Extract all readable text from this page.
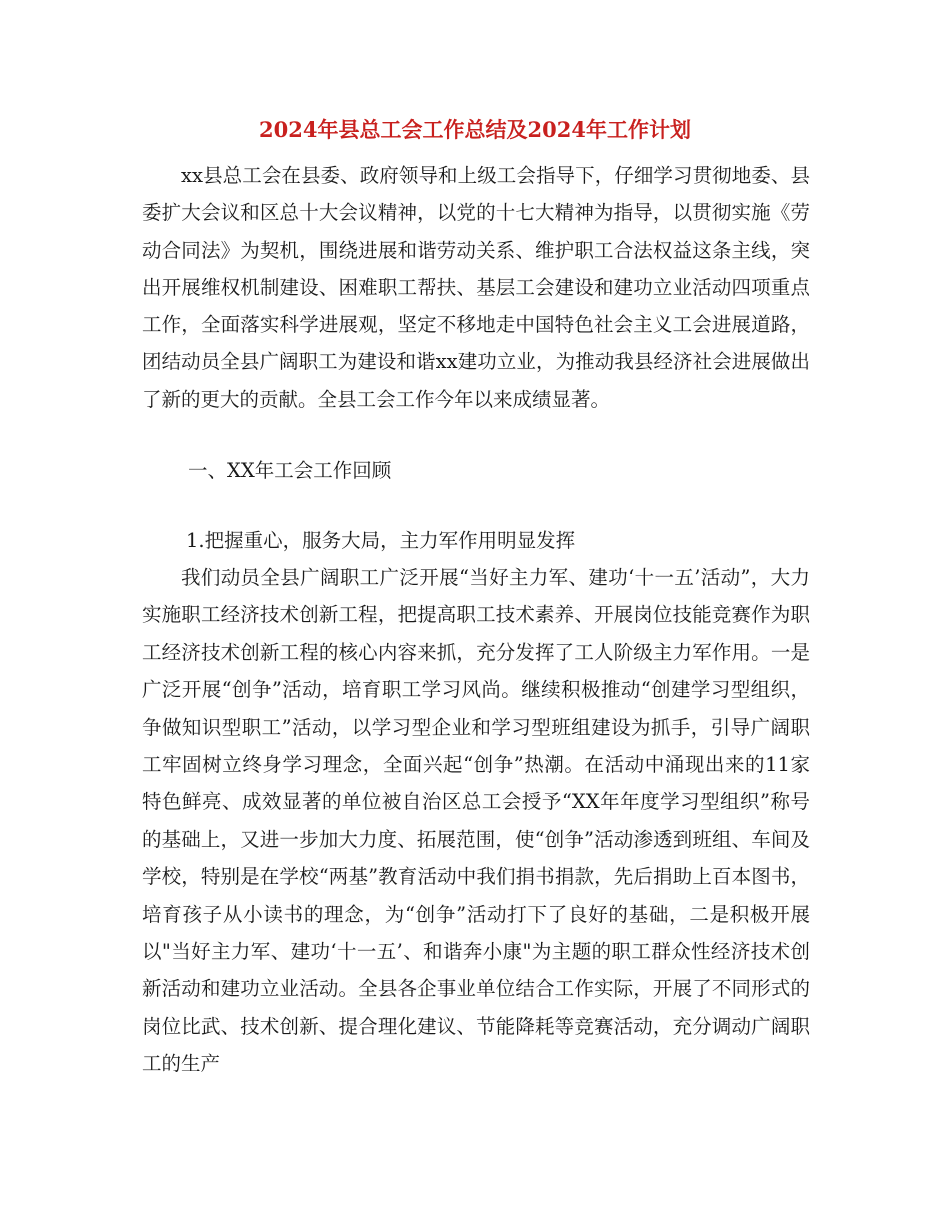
2024年县总工会工作总结及2024年工作计划

xx县总工会在县委、政府领导和上级工会指导下，仔细学习贯彻地委、县委扩大会议和区总十大会议精神，以党的十七大精神为指导，以贯彻实施《劳动合同法》为契机，围绕进展和谐劳动关系、维护职工合法权益这条主线，突出开展维权机制建设、困难职工帮扶、基层工会建设和建功立业活动四项重点工作，全面落实科学进展观，坚定不移地走中国特色社会主义工会进展道路，团结动员全县广阔职工为建设和谐xx建功立业，为推动我县经济社会进展做出了新的更大的贡献。全县工会工作今年以来成绩显著。

一、XX年工会工作回顾

1.把握重心，服务大局，主力军作用明显发挥

我们动员全县广阔职工广泛开展“当好主力军、建功‘十一五’活动”，大力实施职工经济技术创新工程，把提高职工技术素养、开展岗位技能竞赛作为职工经济技术创新工程的核心内容来抓，充分发挥了工人阶级主力军作用。一是广泛开展“创争”活动，培育职工学习风尚。继续积极推动“创建学习型组织，争做知识型职工”活动，以学习型企业和学习型班组建设为抓手，引导广阔职工牢固树立终身学习理念，全面兴起“创争”热潮。在活动中涌现出来的11家特色鲜亮、成效显著的单位被自治区总工会授予“XX年年度学习型组织”称号的基础上，又进一步加大力度、拓展范围，使“创争”活动渗透到班组、车间及学校，特别是在学校“两基”教育活动中我们捐书捐款，先后捐助上百本图书，培育孩子从小读书的理念，为“创争”活动打下了良好的基础，二是积极开展以"当好主力军、建功‘十一五’、和谐奔小康"为主题的职工群众性经济技术创新活动和建功立业活动。全县各企事业单位结合工作实际，开展了不同形式的岗位比武、技术创新、提合理化建议、节能降耗等竞赛活动，充分调动广阔职工的生产
